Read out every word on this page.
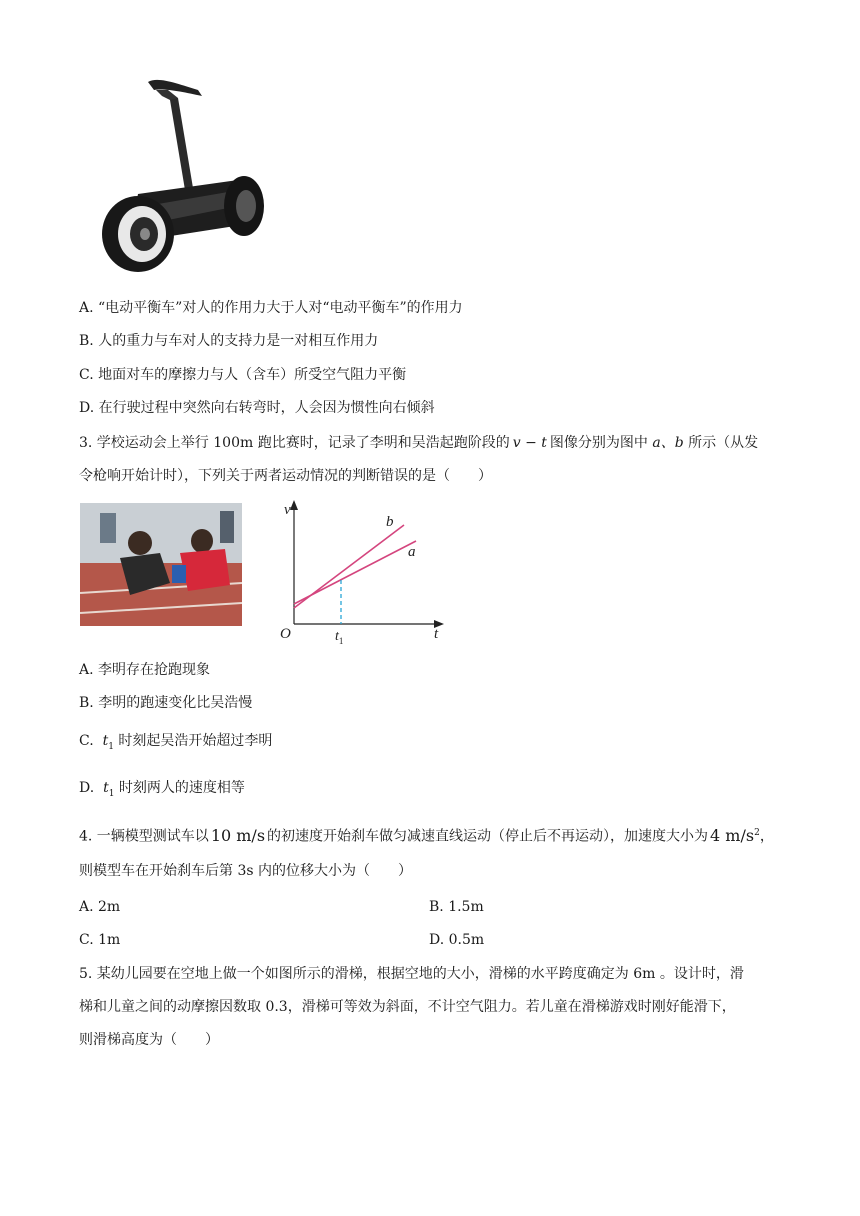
A. “电动平衡车”对人的作用力大于人对“电动平衡车”的作用力
B. 人的重力与车对人的支持力是一对相互作用力
C. 地面对车的摩擦力与人（含车）所受空气阻力平衡
D. 在行驶过程中突然向右转弯时，人会因为惯性向右倾斜
3. 学校运动会上举行 100m 跑比赛时，记录了李明和吴浩起跑阶段的 v − t 图像分别为图中 a、b 所示（从发
令枪响开始计时），下列关于两者运动情况的判断错误的是（　　）
v
t
O	$t_1$
b
a
A. 李明存在抢跑现象
B. 李明的跑速变化比吴浩慢
C. $t_1$ 时刻起吴浩开始超过李明
D. $t_1$ 时刻两人的速度相等
4. 一辆模型测试车以 10 m/s 的初速度开始刹车做匀减速直线运动（停止后不再运动），加速度大小为 4 $m/s^2$，
则模型车在开始刹车后第 3s 内的位移大小为（　　）
A. 2m	B. 1.5m
C. 1m	D. 0.5m
5. 某幼儿园要在空地上做一个如图所示的滑梯，根据空地的大小，滑梯的水平跨度确定为 6m 。设计时，滑
梯和儿童之间的动摩擦因数取 0.3，滑梯可等效为斜面，不计空气阻力。若儿童在滑梯游戏时刚好能滑下，
则滑梯高度为（　　）
